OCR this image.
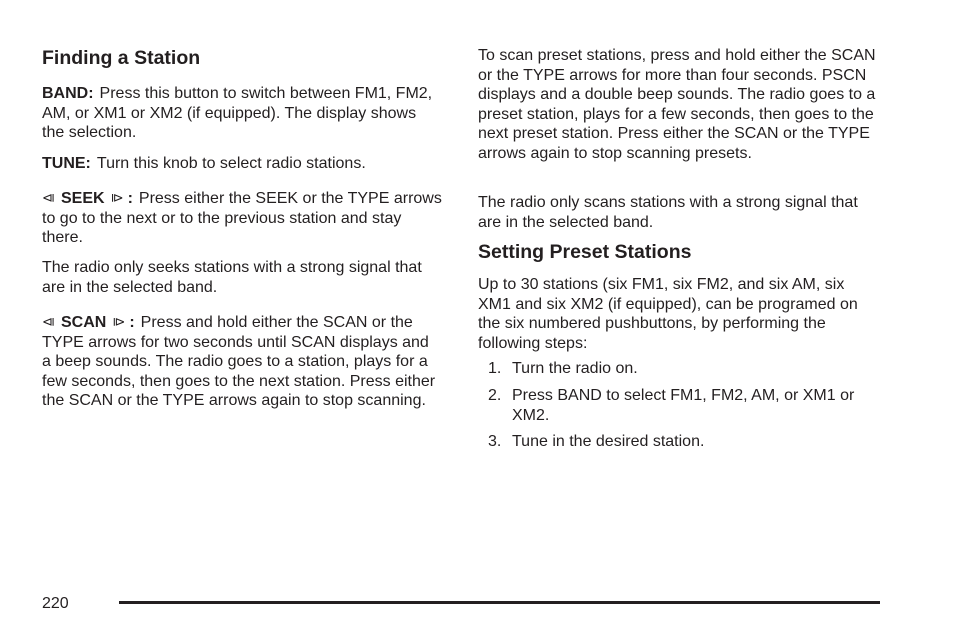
Finding a Station

BAND: Press this button to switch between FM1, FM2, AM, or XM1 or XM2 (if equipped). The display shows the selection.

TUNE: Turn this knob to select radio stations.

⧏ SEEK ⧐ : Press either the SEEK or the TYPE arrows to go to the next or to the previous station and stay there.

The radio only seeks stations with a strong signal that are in the selected band.

⧏ SCAN ⧐ : Press and hold either the SCAN or the TYPE arrows for two seconds until SCAN displays and a beep sounds. The radio goes to a station, plays for a few seconds, then goes to the next station. Press either the SCAN or the TYPE arrows again to stop scanning.

To scan preset stations, press and hold either the SCAN or the TYPE arrows for more than four seconds. PSCN displays and a double beep sounds. The radio goes to a preset station, plays for a few seconds, then goes to the next preset station. Press either the SCAN or the TYPE arrows again to stop scanning presets.

The radio only scans stations with a strong signal that are in the selected band.

Setting Preset Stations

Up to 30 stations (six FM1, six FM2, and six AM, six XM1 and six XM2 (if equipped), can be programed on the six numbered pushbuttons, by performing the following steps:

1. Turn the radio on.
2. Press BAND to select FM1, FM2, AM, or XM1 or XM2.
3. Tune in the desired station.
220
